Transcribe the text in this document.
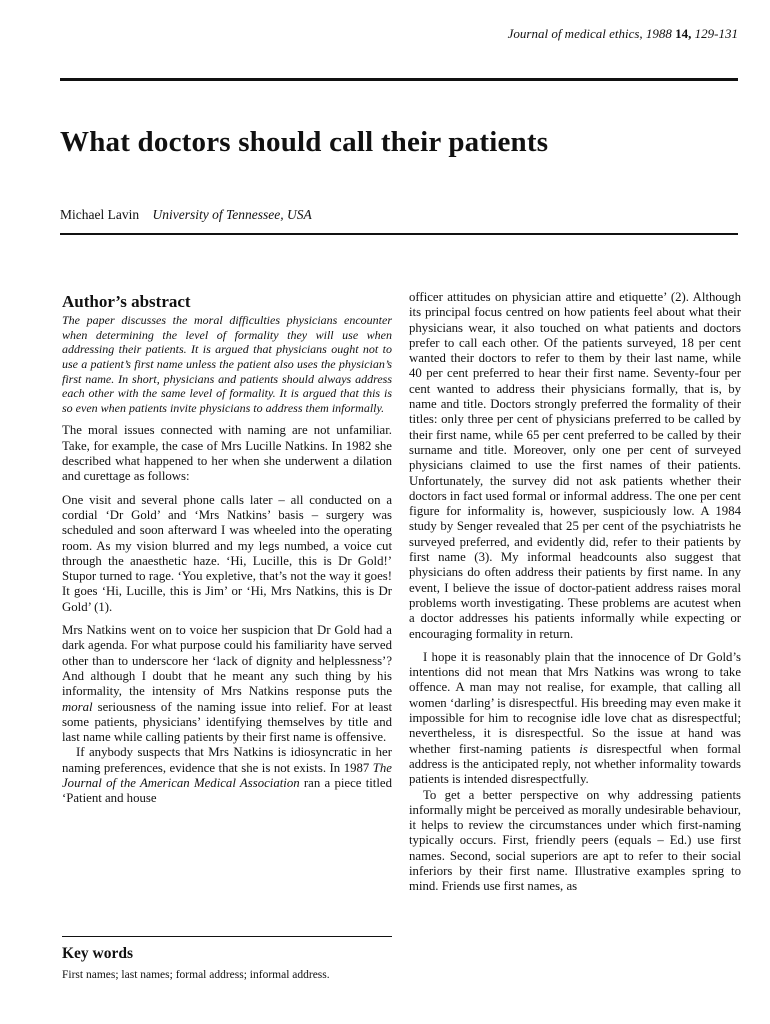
Journal of medical ethics, 1988 14, 129-131
What doctors should call their patients
Michael Lavin University of Tennessee, USA
Author’s abstract

The paper discusses the moral difficulties physicians encounter when determining the level of formality they will use when addressing their patients. It is argued that physicians ought not to use a patient’s first name unless the patient also uses the physician’s first name. In short, physicians and patients should always address each other with the same level of formality. It is argued that this is so even when patients invite physicians to address them informally.

The moral issues connected with naming are not unfamiliar. Take, for example, the case of Mrs Lucille Natkins. In 1982 she described what happened to her when she underwent a dilation and curettage as follows:

One visit and several phone calls later – all conducted on a cordial ‘Dr Gold’ and ‘Mrs Natkins’ basis – surgery was scheduled and soon afterward I was wheeled into the operating room. As my vision blurred and my legs numbed, a voice cut through the anaesthetic haze. ‘Hi, Lucille, this is Dr Gold!’ Stupor turned to rage. ‘You expletive, that’s not the way it goes! It goes ‘Hi, Lucille, this is Jim’ or ‘Hi, Mrs Natkins, this is Dr Gold’ (1).

Mrs Natkins went on to voice her suspicion that Dr Gold had a dark agenda. For what purpose could his familiarity have served other than to underscore her ‘lack of dignity and helplessness’? And although I doubt that he meant any such thing by his informality, the intensity of Mrs Natkins response puts the moral seriousness of the naming issue into relief. For at least some patients, physicians’ identifying themselves by title and last name while calling patients by their first name is offensive.

If anybody suspects that Mrs Natkins is idiosyncratic in her naming preferences, evidence that she is not exists. In 1987 The Journal of the American Medical Association ran a piece titled ‘Patient and house

Key words

First names; last names; formal address; informal address.

officer attitudes on physician attire and etiquette’ (2). Although its principal focus centred on how patients feel about what their physicians wear, it also touched on what patients and doctors prefer to call each other. Of the patients surveyed, 18 per cent wanted their doctors to refer to them by their last name, while 40 per cent preferred to hear their first name. Seventy-four per cent wanted to address their physicians formally, that is, by name and title. Doctors strongly preferred the formality of their titles: only three per cent of physicians preferred to be called by their first name, while 65 per cent preferred to be called by their surname and title. Moreover, only one per cent of surveyed physicians claimed to use the first names of their patients. Unfortunately, the survey did not ask patients whether their doctors in fact used formal or informal address. The one per cent figure for informality is, however, suspiciously low. A 1984 study by Senger revealed that 25 per cent of the psychiatrists he surveyed preferred, and evidently did, refer to their patients by first name (3). My informal headcounts also suggest that physicians do often address their patients by first name. In any event, I believe the issue of doctor-patient address raises moral problems worth investigating. These problems are acutest when a doctor addresses his patients informally while expecting or encouraging formality in return.

I hope it is reasonably plain that the innocence of Dr Gold’s intentions did not mean that Mrs Natkins was wrong to take offence. A man may not realise, for example, that calling all women ‘darling’ is disrespectful. His breeding may even make it impossible for him to recognise idle love chat as disrespectful; nevertheless, it is disrespectful. So the issue at hand was whether first-naming patients is disrespectful when formal address is the anticipated reply, not whether informality towards patients is intended disrespectfully.

To get a better perspective on why addressing patients informally might be perceived as morally undesirable behaviour, it helps to review the circumstances under which first-naming typically occurs. First, friendly peers (equals – Ed.) use first names. Second, social superiors are apt to refer to their social inferiors by their first name. Illustrative examples spring to mind. Friends use first names, as
